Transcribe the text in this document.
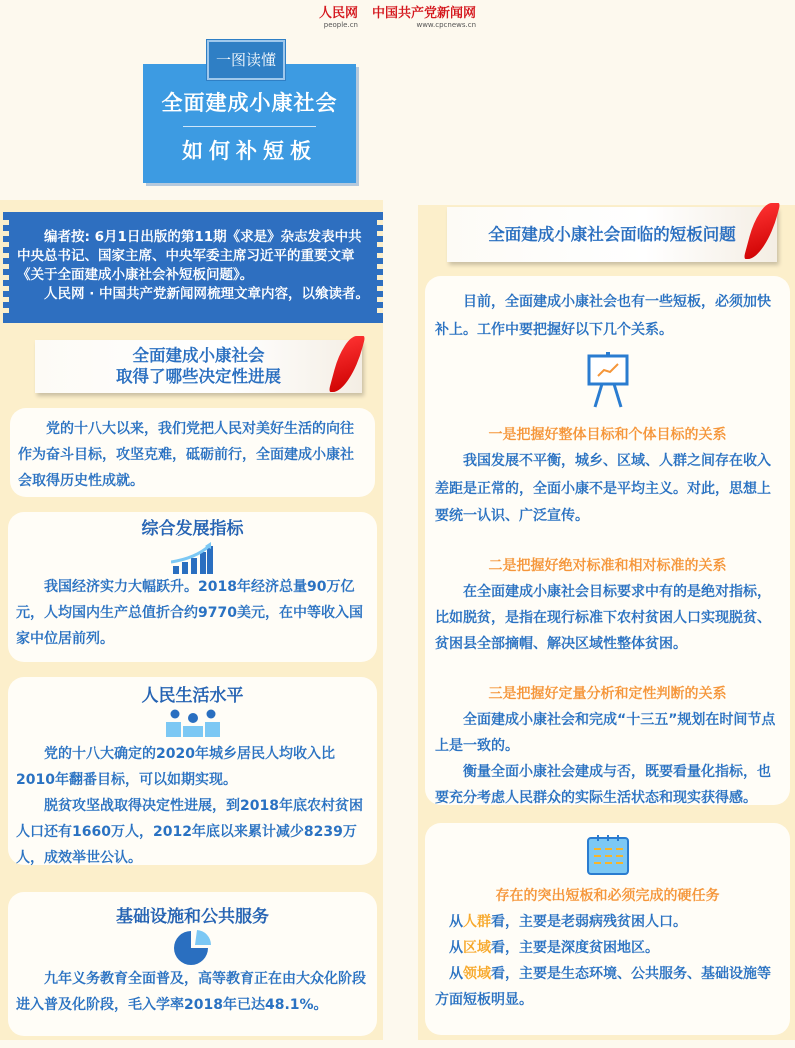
人民网
people.cn
中国共产党新闻网
www.cpcnews.cn
全面建成小康社会
如何补短板
一图读懂

编者按: 6月1日出版的第11期《求是》杂志发表中共中央总书记、国家主席、中央军委主席习近平的重要文章《关于全面建成小康社会补短板问题》。

人民网 · 中国共产党新闻网梳理文章内容，以飨读者。

全面建成小康社会
取得了哪些决定性进展

党的十八大以来，我们党把人民对美好生活的向往作为奋斗目标，攻坚克难，砥砺前行，全面建成小康社会取得历史性成就。

综合发展指标

我国经济实力大幅跃升。2018年经济总量90万亿元，人均国内生产总值折合约9770美元，在中等收入国家中位居前列。

人民生活水平

党的十八大确定的2020年城乡居民人均收入比2010年翻番目标，可以如期实现。

脱贫攻坚战取得决定性进展，到2018年底农村贫困人口还有1660万人，2012年底以来累计减少8239万人，成效举世公认。

基础设施和公共服务

九年义务教育全面普及，高等教育正在由大众化阶段进入普及化阶段，毛入学率2018年已达48.1%。

全面建成小康社会面临的短板问题

目前，全面建成小康社会也有一些短板，必须加快补上。工作中要把握好以下几个关系。

一是把握好整体目标和个体目标的关系

我国发展不平衡，城乡、区域、人群之间存在收入差距是正常的，全面小康不是平均主义。对此，思想上要统一认识、广泛宣传。

二是把握好绝对标准和相对标准的关系

在全面建成小康社会目标要求中有的是绝对指标，比如脱贫，是指在现行标准下农村贫困人口实现脱贫、贫困县全部摘帽、解决区域性整体贫困。

三是把握好定量分析和定性判断的关系

全面建成小康社会和完成“十三五”规划在时间节点上是一致的。

衡量全面小康社会建成与否，既要看量化指标，也要充分考虑人民群众的实际生活状态和现实获得感。

存在的突出短板和必须完成的硬任务

从人群看，主要是老弱病残贫困人口。

从区域看，主要是深度贫困地区。

从领域看，主要是生态环境、公共服务、基础设施等方面短板明显。
